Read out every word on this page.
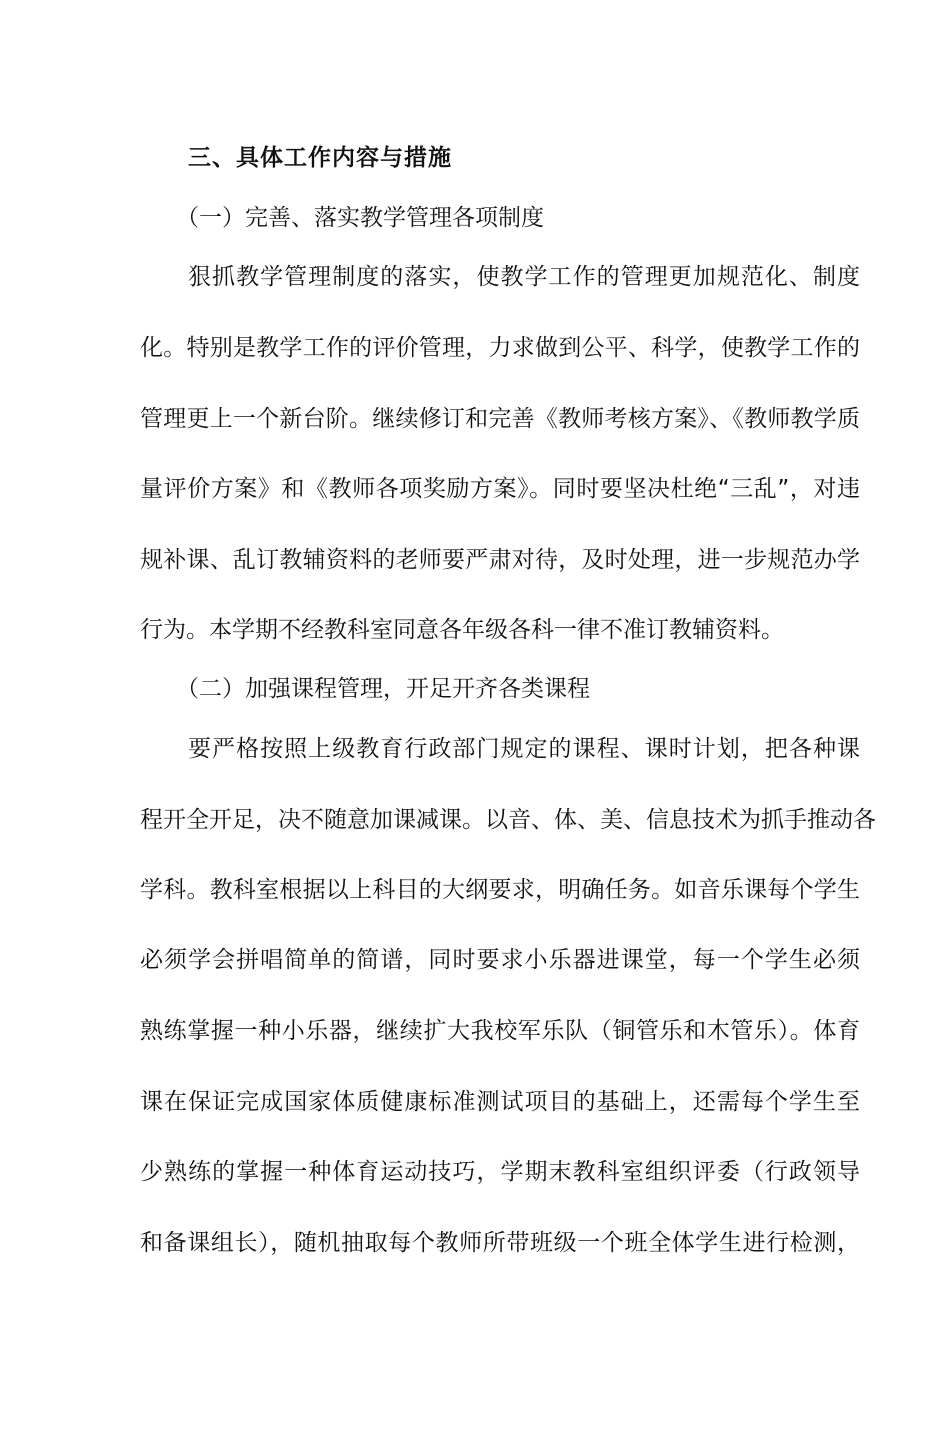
三、具体工作内容与措施
（一）完善、落实教学管理各项制度
狠抓教学管理制度的落实，使教学工作的管理更加规范化、制度
化。特别是教学工作的评价管理，力求做到公平、科学，使教学工作的
管理更上一个新台阶。继续修订和完善《教师考核方案》、《教师教学质
量评价方案》和《教师各项奖励方案》。同时要坚决杜绝“三乱”，对违
规补课、乱订教辅资料的老师要严肃对待，及时处理，进一步规范办学
行为。本学期不经教科室同意各年级各科一律不准订教辅资料。
（二）加强课程管理，开足开齐各类课程
要严格按照上级教育行政部门规定的课程、课时计划，把各种课
程开全开足，决不随意加课减课。以音、体、美、信息技术为抓手推动各
学科。教科室根据以上科目的大纲要求，明确任务。如音乐课每个学生
必须学会拼唱简单的简谱，同时要求小乐器进课堂，每一个学生必须
熟练掌握一种小乐器，继续扩大我校军乐队（铜管乐和木管乐）。体育
课在保证完成国家体质健康标准测试项目的基础上，还需每个学生至
少熟练的掌握一种体育运动技巧，学期末教科室组织评委（行政领导
和备课组长），随机抽取每个教师所带班级一个班全体学生进行检测，
